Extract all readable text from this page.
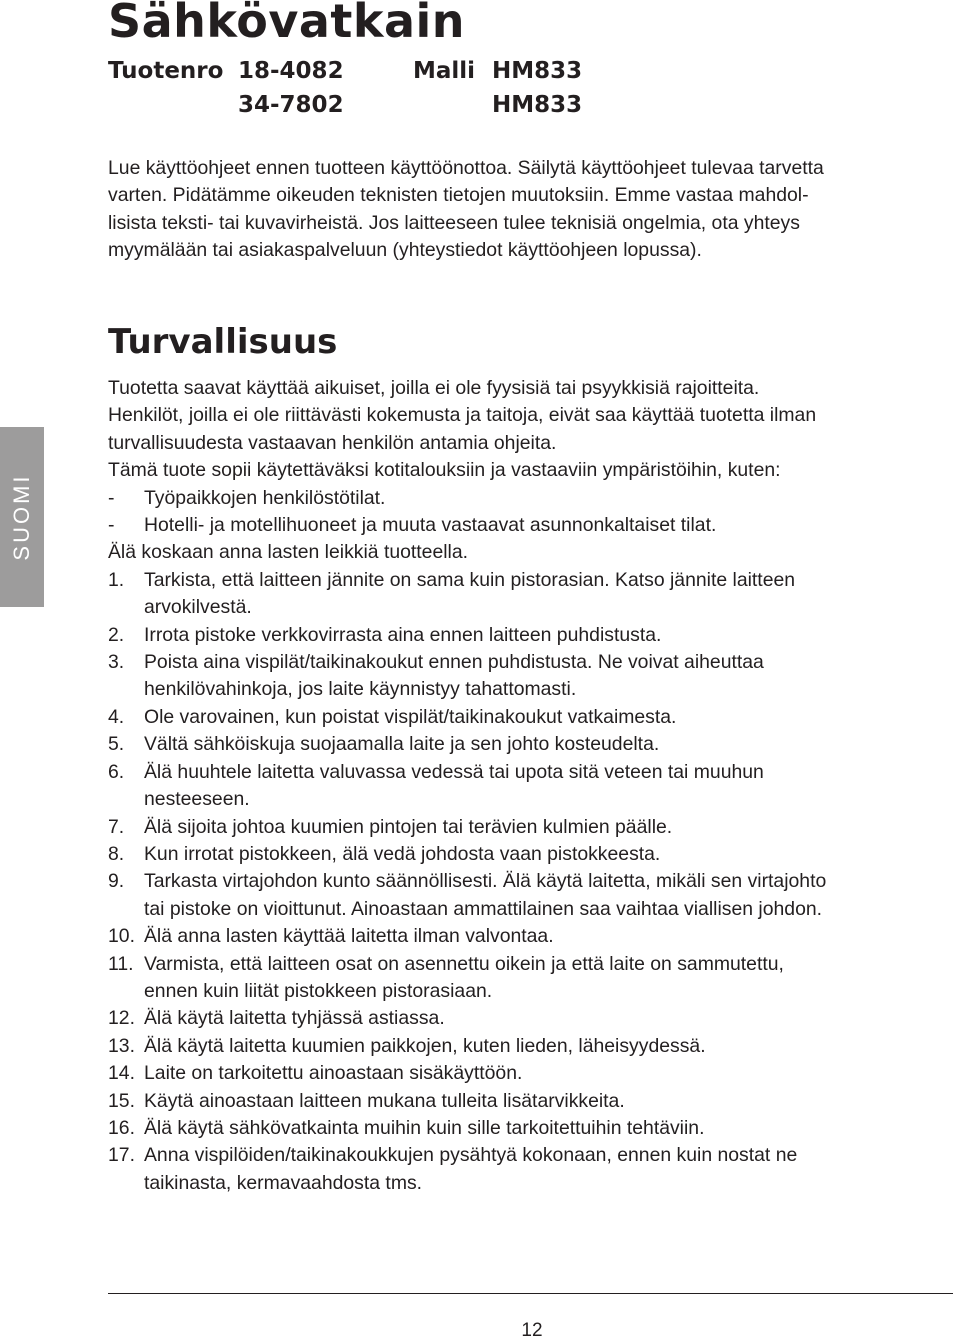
Sähkövatkain
Tuotenro 18-4082	Malli HM833
34-7802	HM833

Lue käyttöohjeet ennen tuotteen käyttöönottoa. Säilytä käyttöohjeet tulevaa tarvetta
varten. Pidätämme oikeuden teknisten tietojen muutoksiin. Emme vastaa mahdol-
lisista teksti- tai kuvavirheistä. Jos laitteeseen tulee teknisiä ongelmia, ota yhteys
myymälään tai asiakaspalveluun (yhteystiedot käyttöohjeen lopussa).

Turvallisuus

Tuotetta saavat käyttää aikuiset, joilla ei ole fyysisiä tai psyykkisiä rajoitteita.

Henkilöt, joilla ei ole riittävästi kokemusta ja taitoja, eivät saa käyttää tuotetta ilman

turvallisuudesta vastaavan henkilön antamia ohjeita.

Tämä tuote sopii käytettäväksi kotitalouksiin ja vastaaviin ympäristöihin, kuten:

- Työpaikkojen henkilöstötilat.
- Hotelli- ja motellihuoneet ja muuta vastaavat asunnonkaltaiset tilat.

Älä koskaan anna lasten leikkiä tuotteella.

1. Tarkista, että laitteen jännite on sama kuin pistorasian. Katso jännite laitteen
arvokilvestä.
2. Irrota pistoke verkkovirrasta aina ennen laitteen puhdistusta.
3. Poista aina vispilät/taikinakoukut ennen puhdistusta. Ne voivat aiheuttaa
henkilövahinkoja, jos laite käynnistyy tahattomasti.
4. Ole varovainen, kun poistat vispilät/taikinakoukut vatkaimesta.
5. Vältä sähköiskuja suojaamalla laite ja sen johto kosteudelta.
6. Älä huuhtele laitetta valuvassa vedessä tai upota sitä veteen tai muuhun
nesteeseen.
7. Älä sijoita johtoa kuumien pintojen tai terävien kulmien päälle.
8. Kun irrotat pistokkeen, älä vedä johdosta vaan pistokkeesta.
9. Tarkasta virtajohdon kunto säännöllisesti. Älä käytä laitetta, mikäli sen virtajohto
tai pistoke on vioittunut. Ainoastaan ammattilainen saa vaihtaa viallisen johdon.
10. Älä anna lasten käyttää laitetta ilman valvontaa.
11. Varmista, että laitteen osat on asennettu oikein ja että laite on sammutettu,
ennen kuin liität pistokkeen pistorasiaan.
12. Älä käytä laitetta tyhjässä astiassa.
13. Älä käytä laitetta kuumien paikkojen, kuten lieden, läheisyydessä.
14. Laite on tarkoitettu ainoastaan sisäkäyttöön.
15. Käytä ainoastaan laitteen mukana tulleita lisätarvikkeita.
16. Älä käytä sähkövatkainta muihin kuin sille tarkoitettuihin tehtäviin.
17. Anna vispilöiden/taikinakoukkujen pysähtyä kokonaan, ennen kuin nostat ne
taikinasta, kermavaahdosta tms.
SUOMI
12
